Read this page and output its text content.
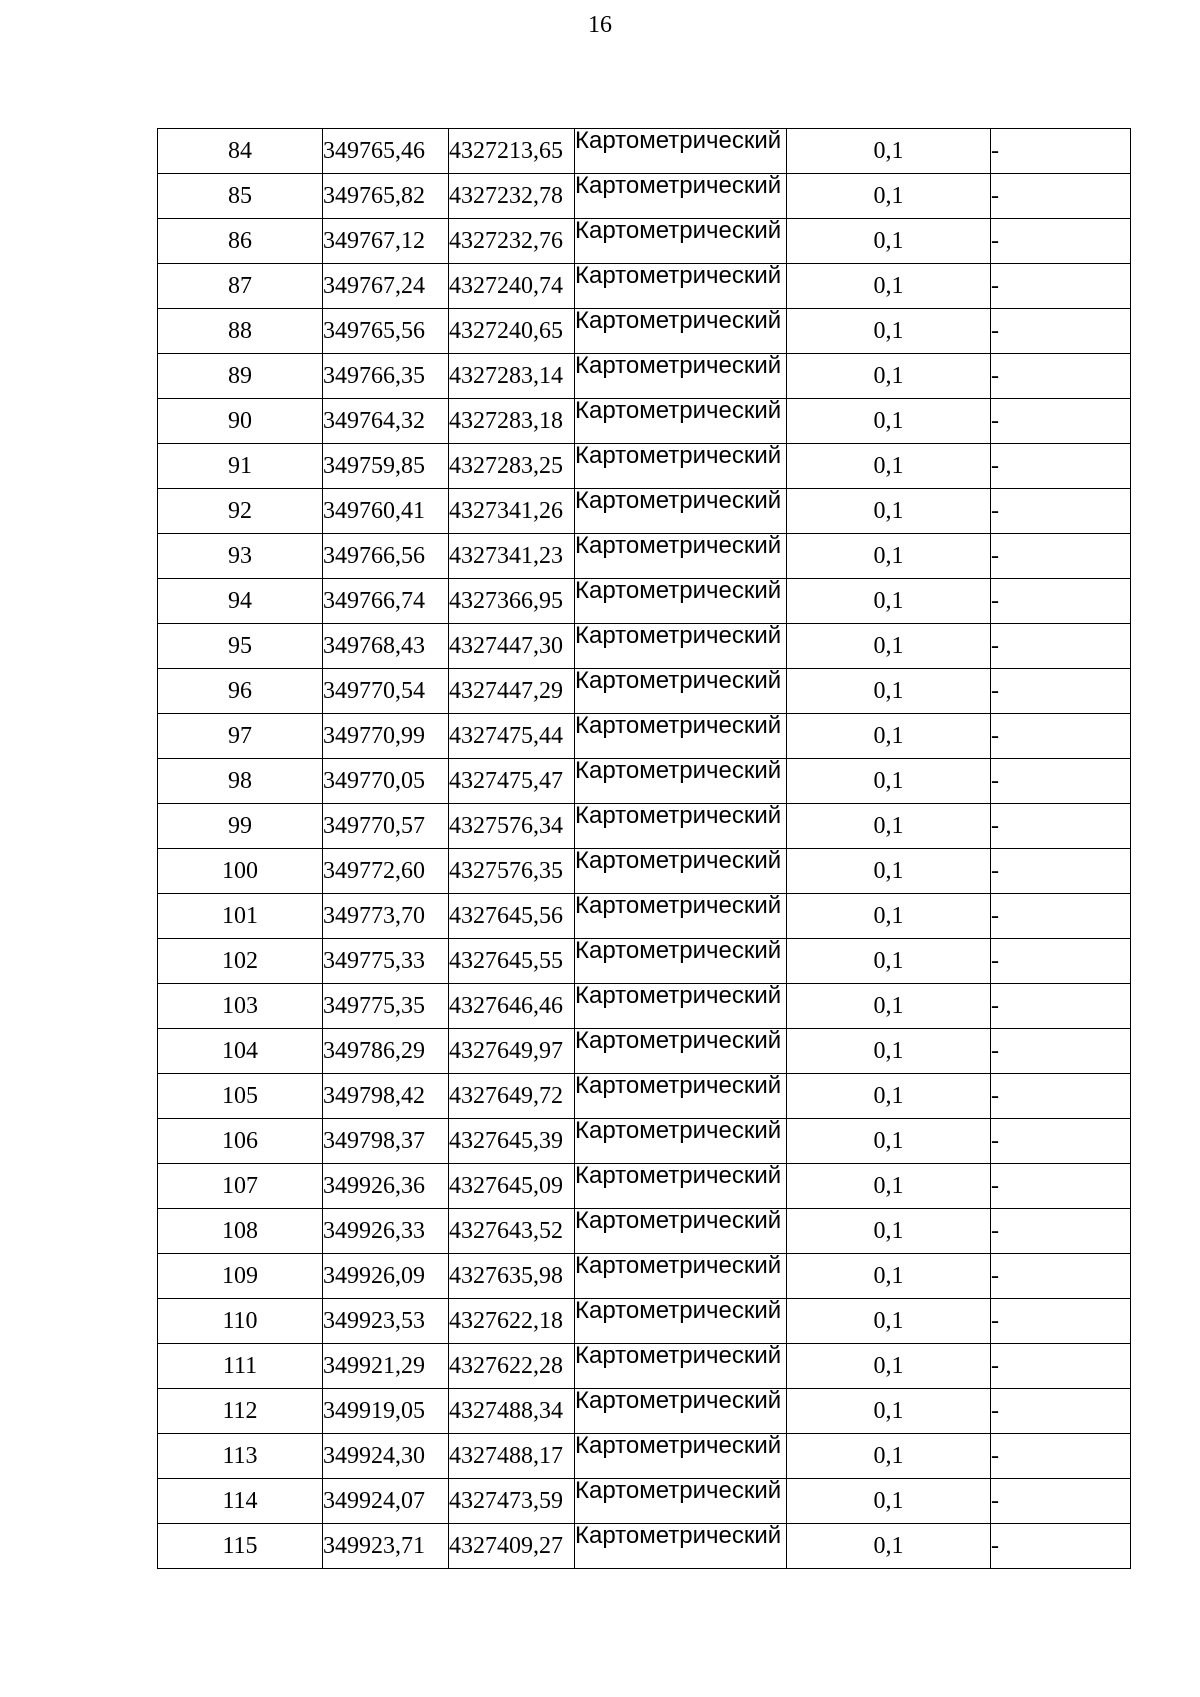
16
84	349765,46	4327213,65	Картометрический	0,1	-
85	349765,82	4327232,78	Картометрический	0,1	-
86	349767,12	4327232,76	Картометрический	0,1	-
87	349767,24	4327240,74	Картометрический	0,1	-
88	349765,56	4327240,65	Картометрический	0,1	-
89	349766,35	4327283,14	Картометрический	0,1	-
90	349764,32	4327283,18	Картометрический	0,1	-
91	349759,85	4327283,25	Картометрический	0,1	-
92	349760,41	4327341,26	Картометрический	0,1	-
93	349766,56	4327341,23	Картометрический	0,1	-
94	349766,74	4327366,95	Картометрический	0,1	-
95	349768,43	4327447,30	Картометрический	0,1	-
96	349770,54	4327447,29	Картометрический	0,1	-
97	349770,99	4327475,44	Картометрический	0,1	-
98	349770,05	4327475,47	Картометрический	0,1	-
99	349770,57	4327576,34	Картометрический	0,1	-
100	349772,60	4327576,35	Картометрический	0,1	-
101	349773,70	4327645,56	Картометрический	0,1	-
102	349775,33	4327645,55	Картометрический	0,1	-
103	349775,35	4327646,46	Картометрический	0,1	-
104	349786,29	4327649,97	Картометрический	0,1	-
105	349798,42	4327649,72	Картометрический	0,1	-
106	349798,37	4327645,39	Картометрический	0,1	-
107	349926,36	4327645,09	Картометрический	0,1	-
108	349926,33	4327643,52	Картометрический	0,1	-
109	349926,09	4327635,98	Картометрический	0,1	-
110	349923,53	4327622,18	Картометрический	0,1	-
111	349921,29	4327622,28	Картометрический	0,1	-
112	349919,05	4327488,34	Картометрический	0,1	-
113	349924,30	4327488,17	Картометрический	0,1	-
114	349924,07	4327473,59	Картометрический	0,1	-
115	349923,71	4327409,27	Картометрический	0,1	-
